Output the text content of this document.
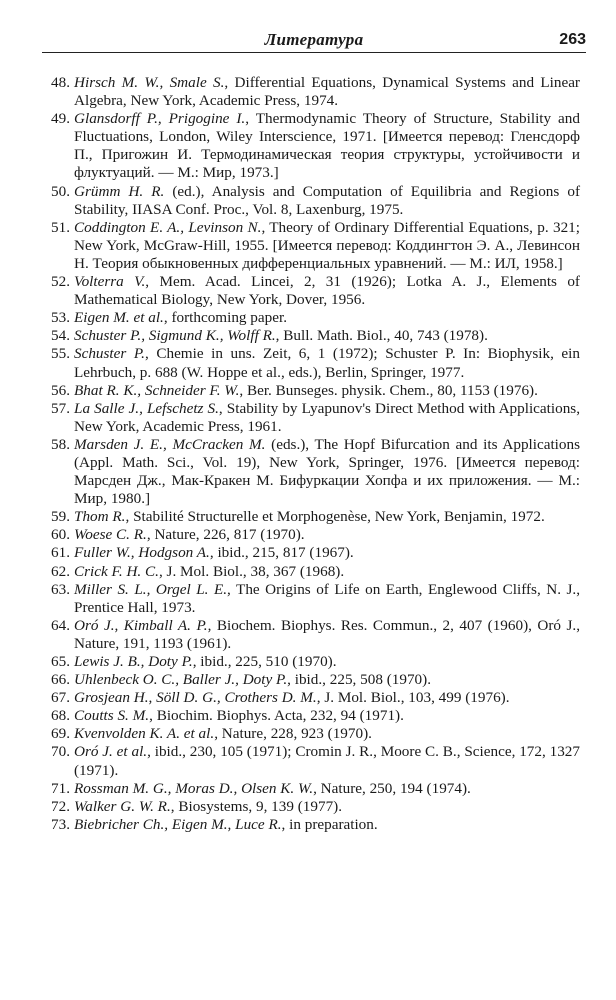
Литература	263
48. Hirsch M. W., Smale S., Differential Equations, Dynamical Systems and Linear Algebra, New York, Academic Press, 1974.
49. Glansdorff P., Prigogine I., Thermodynamic Theory of Structure, Stability and Fluctuations, London, Wiley Interscience, 1971. [Имеется перевод: Гленсдорф П., Пригожин И. Термодинамическая теория структуры, устойчивости и флуктуаций. — М.: Мир, 1973.]
50. Grümm H. R. (ed.), Analysis and Computation of Equilibria and Regions of Stability, IIASA Conf. Proc., Vol. 8, Laxenburg, 1975.
51. Coddington E. A., Levinson N., Theory of Ordinary Differential Equations, p. 321; New York, McGraw-Hill, 1955. [Имеется перевод: Коддингтон Э. А., Левинсон Н. Теория обыкновенных дифференциальных уравнений. — М.: ИЛ, 1958.]
52. Volterra V., Mem. Acad. Lincei, 2, 31 (1926); Lotka A. J., Elements of Mathematical Biology, New York, Dover, 1956.
53. Eigen M. et al., forthcoming paper.
54. Schuster P., Sigmund K., Wolff R., Bull. Math. Biol., 40, 743 (1978).
55. Schuster P., Chemie in uns. Zeit, 6, 1 (1972); Schuster P. In: Biophysik, ein Lehrbuch, p. 688 (W. Hoppe et al., eds.), Berlin, Springer, 1977.
56. Bhat R. K., Schneider F. W., Ber. Bunseges. physik. Chem., 80, 1153 (1976).
57. La Salle J., Lefschetz S., Stability by Lyapunov's Direct Method with Applications, New York, Academic Press, 1961.
58. Marsden J. E., McCracken M. (eds.), The Hopf Bifurcation and its Applications (Appl. Math. Sci., Vol. 19), New York, Springer, 1976. [Имеется перевод: Марсден Дж., Мак-Кракен М. Бифуркации Хопфа и их приложения. — М.: Мир, 1980.]
59. Thom R., Stabilité Structurelle et Morphogenèse, New York, Benjamin, 1972.
60. Woese C. R., Nature, 226, 817 (1970).
61. Fuller W., Hodgson A., ibid., 215, 817 (1967).
62. Crick F. H. C., J. Mol. Biol., 38, 367 (1968).
63. Miller S. L., Orgel L. E., The Origins of Life on Earth, Englewood Cliffs, N. J., Prentice Hall, 1973.
64. Oró J., Kimball A. P., Biochem. Biophys. Res. Commun., 2, 407 (1960), Oró J., Nature, 191, 1193 (1961).
65. Lewis J. B., Doty P., ibid., 225, 510 (1970).
66. Uhlenbeck O. C., Baller J., Doty P., ibid., 225, 508 (1970).
67. Grosjean H., Söll D. G., Crothers D. M., J. Mol. Biol., 103, 499 (1976).
68. Coutts S. M., Biochim. Biophys. Acta, 232, 94 (1971).
69. Kvenvolden K. A. et al., Nature, 228, 923 (1970).
70. Oró J. et al., ibid., 230, 105 (1971); Cromin J. R., Moore C. B., Science, 172, 1327 (1971).
71. Rossman M. G., Moras D., Olsen K. W., Nature, 250, 194 (1974).
72. Walker G. W. R., Biosystems, 9, 139 (1977).
73. Biebricher Ch., Eigen M., Luce R., in preparation.
